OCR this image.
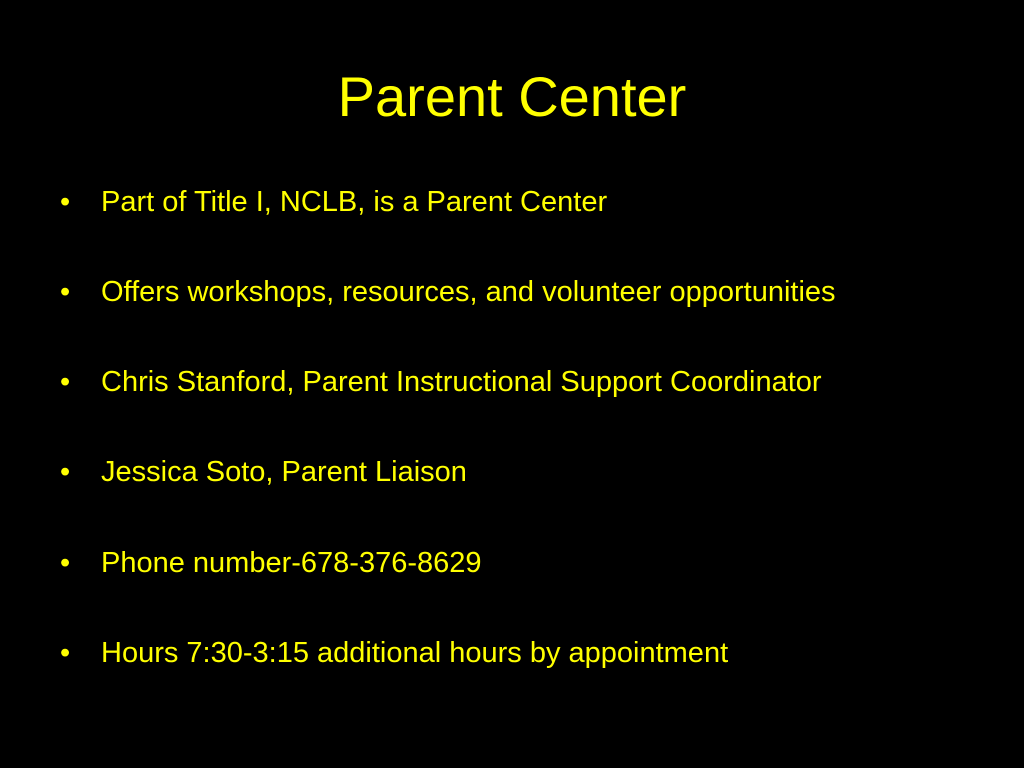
Parent Center
•	Part of Title I, NCLB, is a Parent Center
•	Offers workshops, resources, and volunteer opportunities
•	Chris Stanford, Parent Instructional Support Coordinator
•	Jessica Soto, Parent Liaison
•	Phone number-678-376-8629
•	Hours 7:30-3:15 additional hours by appointment
